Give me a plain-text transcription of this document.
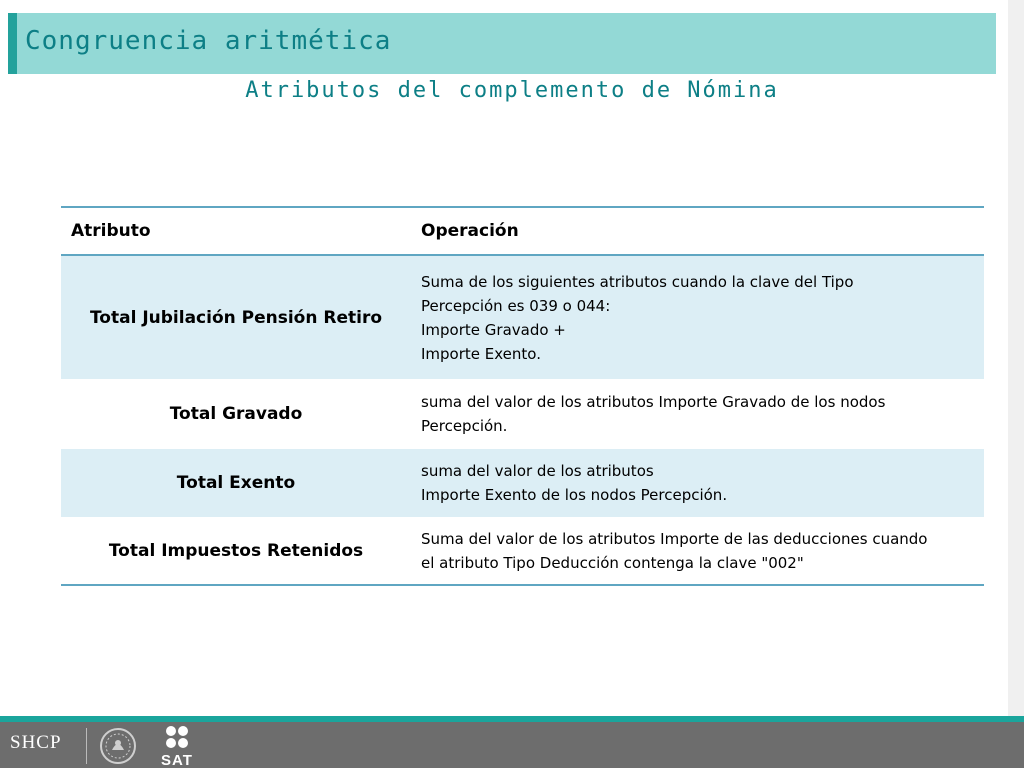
Congruencia aritmética
Atributos del complemento de Nómina
Atributo	Operación
Total Jubilación Pensión Retiro	Suma de los siguientes atributos cuando la clave del Tipo
Percepción es 039 o 044:
Importe Gravado +
Importe Exento.

Total Gravado	suma del valor de los atributos Importe Gravado de los nodos
Percepción.

Total Exento	suma del valor de los atributos
Importe Exento de los nodos Percepción.

Total Impuestos Retenidos	Suma del valor de los atributos Importe de las deducciones cuando
el atributo Tipo Deducción contenga la clave "002"
SHCP
SAT
